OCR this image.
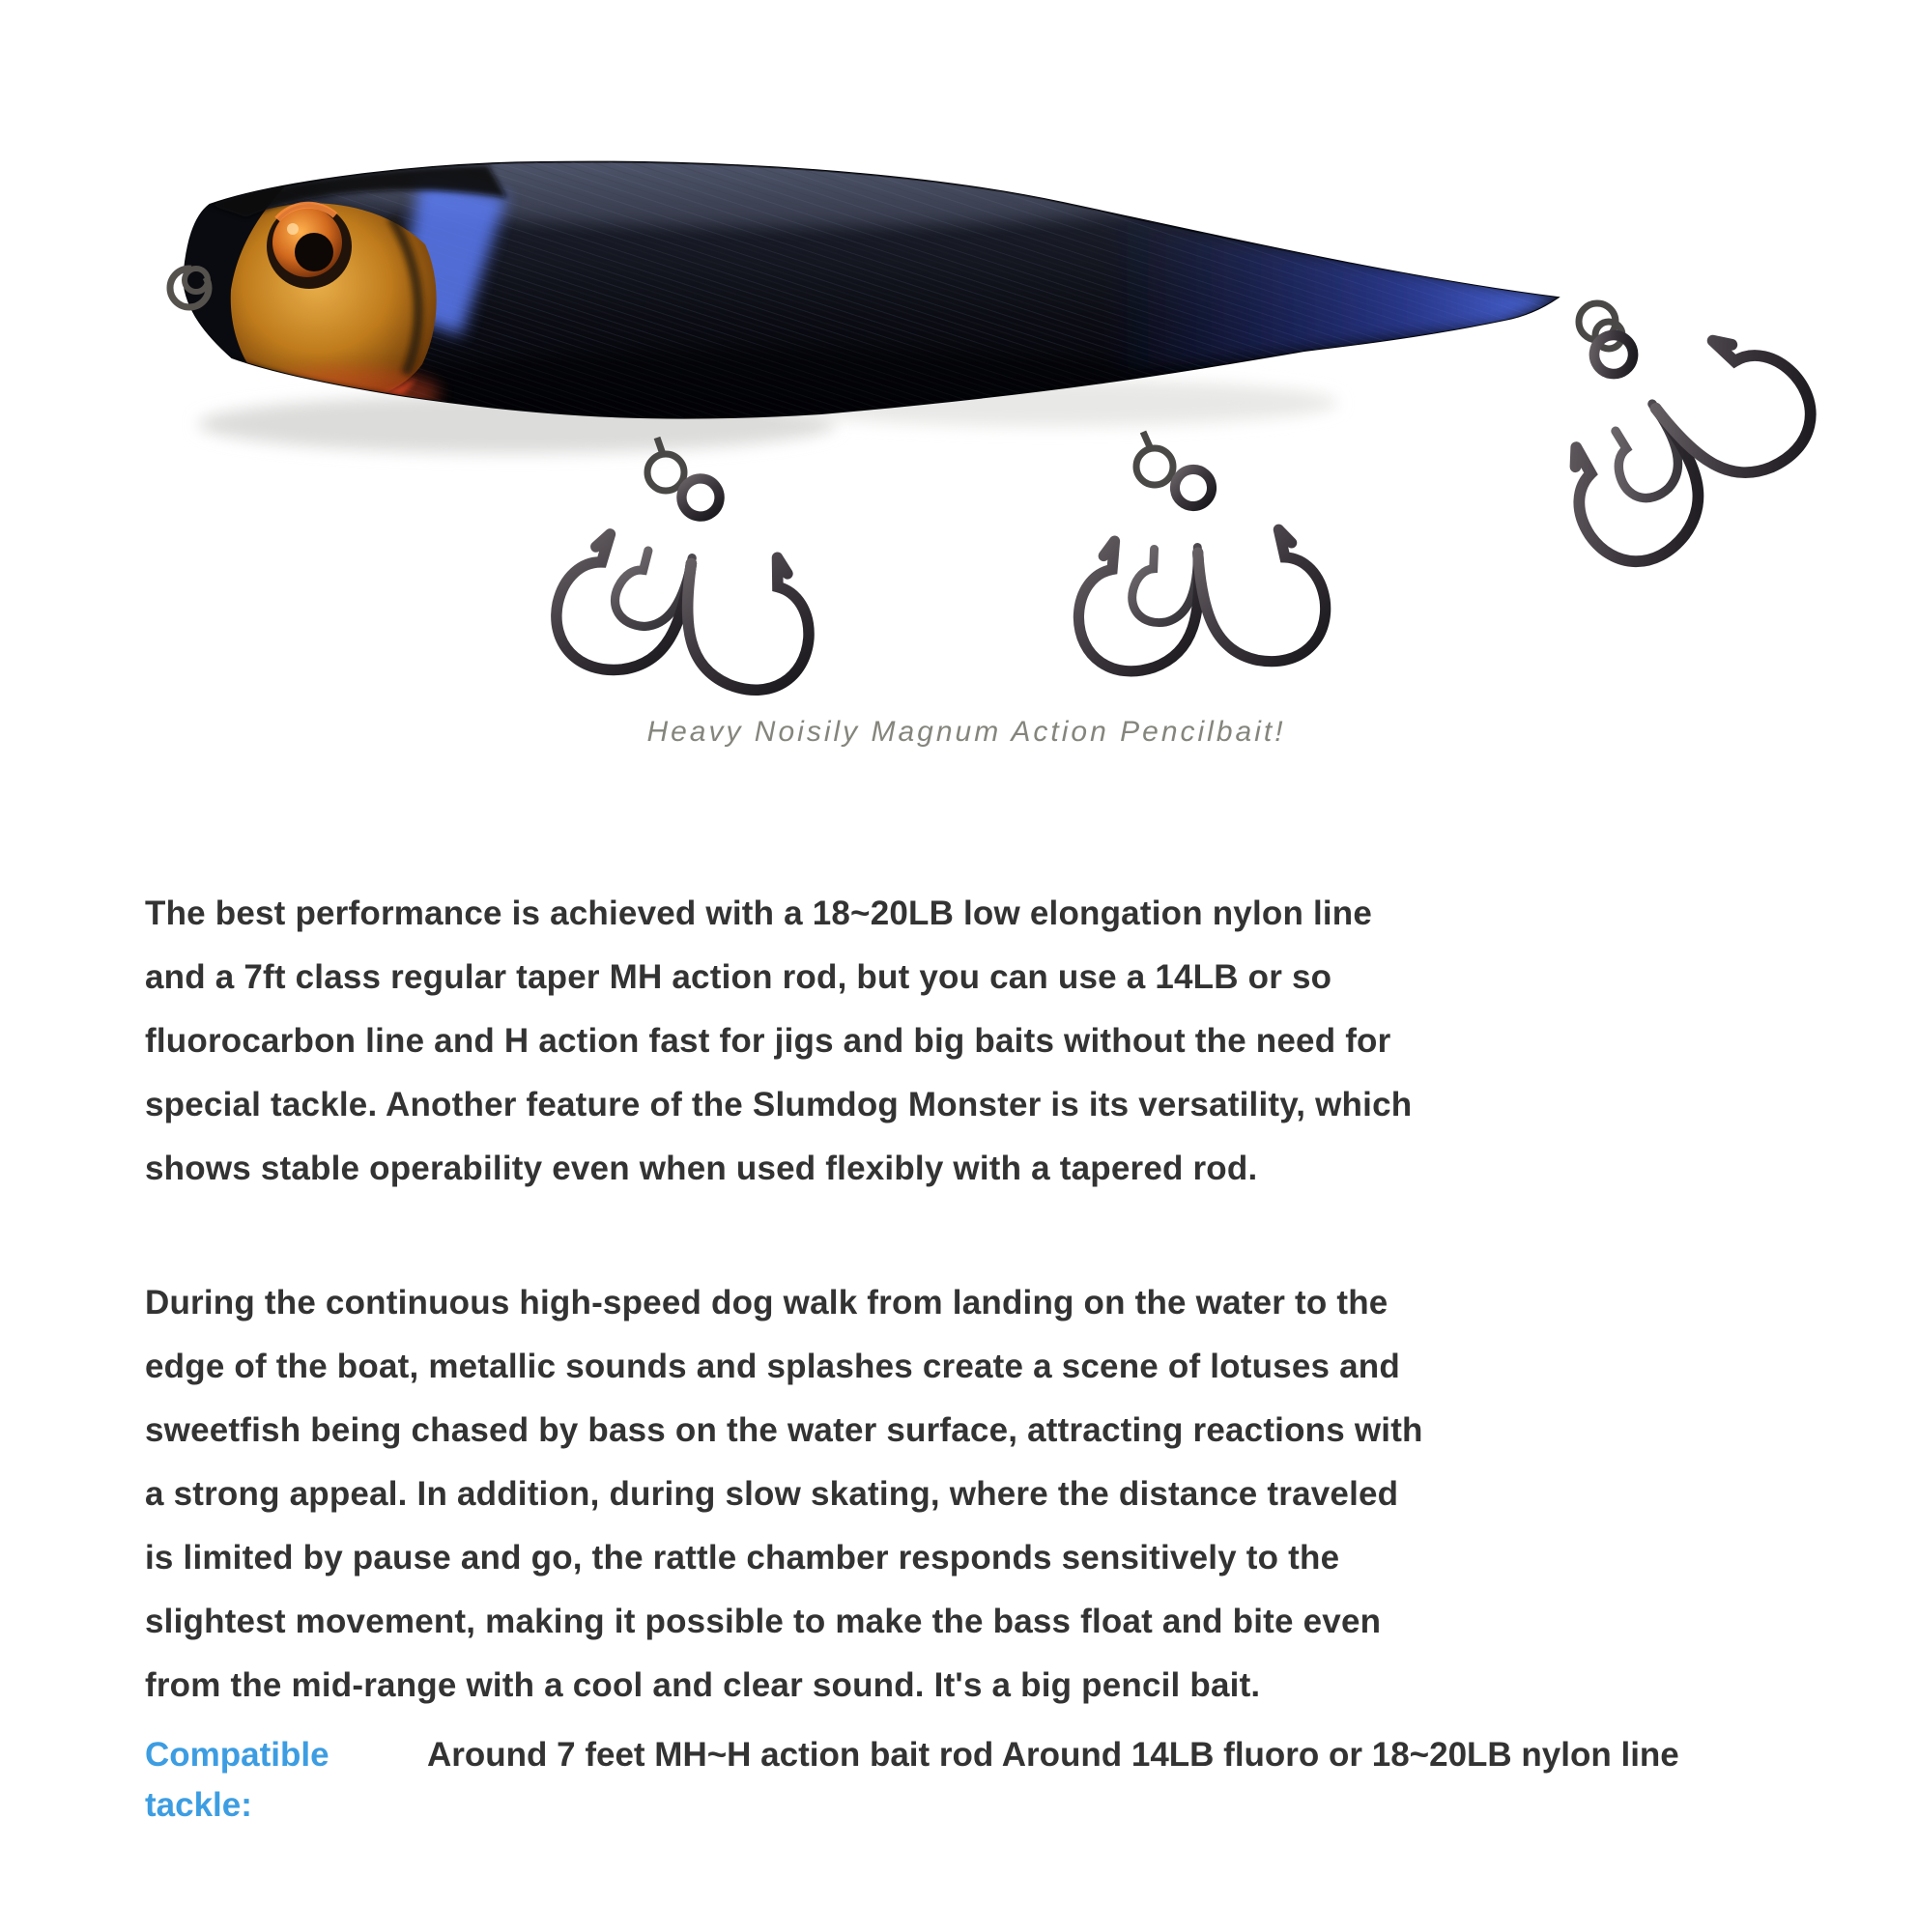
Heavy Noisily Magnum Action Pencilbait!

The best performance is achieved with a 18~20LB low elongation nylon line and a 7ft class regular taper MH action rod, but you can use a 14LB or so fluorocarbon line and H action fast for jigs and big baits without the need for special tackle. Another feature of the Slumdog Monster is its versatility, which shows stable operability even when used flexibly with a tapered rod.

During the continuous high-speed dog walk from landing on the water to the edge of the boat, metallic sounds and splashes create a scene of lotuses and sweetfish being chased by bass on the water surface, attracting reactions with a strong appeal. In addition, during slow skating, where the distance traveled is limited by pause and go, the rattle chamber responds sensitively to the slightest movement, making it possible to make the bass float and bite even from the mid-range with a cool and clear sound. It's a big pencil bait.

Compatible tackle:
Around 7 feet MH~H action bait rod Around 14LB fluoro or 18~20LB nylon line
